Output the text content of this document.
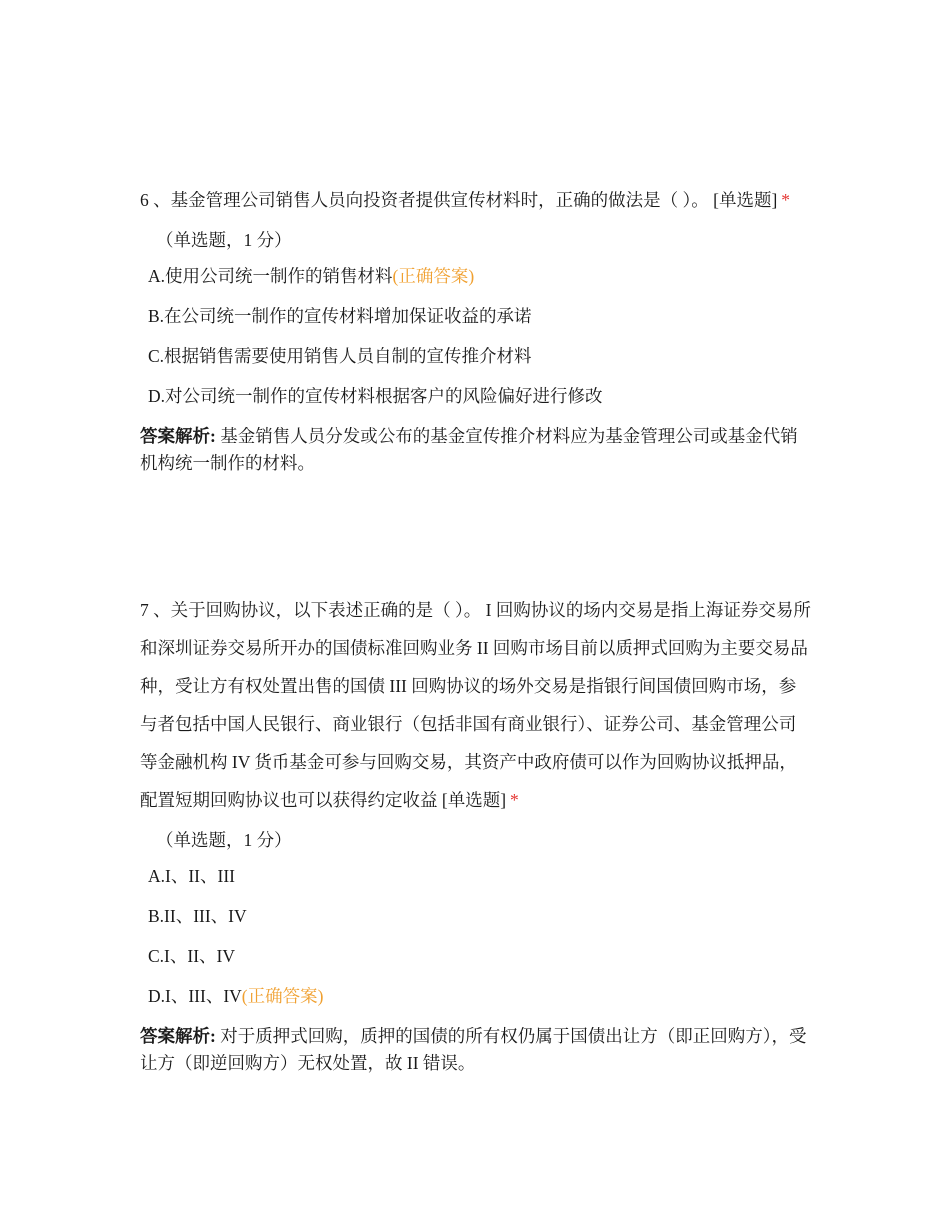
6 、基金管理公司销售人员向投资者提供宣传材料时，正确的做法是（ ）。 [单选题] *

（单选题，1 分）
A.使用公司统一制作的销售材料(正确答案)
B.在公司统一制作的宣传材料增加保证收益的承诺
C.根据销售需要使用销售人员自制的宣传推介材料
D.对公司统一制作的宣传材料根据客户的风险偏好进行修改

答案解析: 基金销售人员分发或公布的基金宣传推介材料应为基金管理公司或基金代销机构统一制作的材料。

7 、关于回购协议，以下表述正确的是（ ）。 I 回购协议的场内交易是指上海证券交易所和深圳证券交易所开办的国债标准回购业务 II 回购市场目前以质押式回购为主要交易品种，受让方有权处置出售的国债 III 回购协议的场外交易是指银行间国债回购市场，参与者包括中国人民银行、商业银行（包括非国有商业银行）、证券公司、基金管理公司等金融机构 IV 货币基金可参与回购交易，其资产中政府债可以作为回购协议抵押品，配置短期回购协议也可以获得约定收益 [单选题] *

（单选题，1 分）
A.I、II、III
B.II、III、IV
C.I、II、IV
D.I、III、IV(正确答案)

答案解析: 对于质押式回购，质押的国债的所有权仍属于国债出让方（即正回购方），受让方（即逆回购方）无权处置，故 II 错误。
